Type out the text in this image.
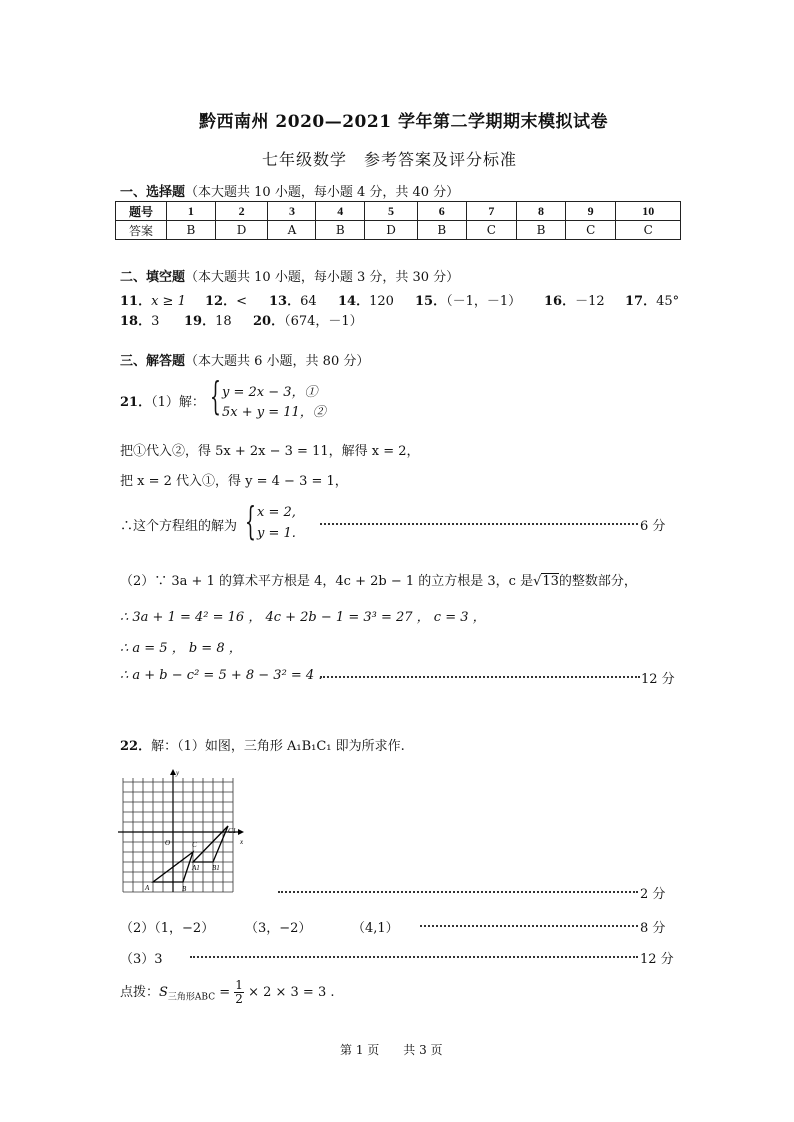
黔西南州 2020—2021 学年第二学期期末模拟试卷
七年级数学　参考答案及评分标准
一、选择题（本大题共 10 小题，每小题 4 分，共 40 分）
题号	1	2	3	4	5	6	7	8	9	10
答案	B	D	A	B	D	B	C	B	C	C
二、填空题（本大题共 10 小题，每小题 3 分，共 30 分）
11．x ≥ 1 12．< 13．64 14．120 15．（－1，－1） 16．－12 17．45°
18．3 19．18 20．（674，－1）
三、解答题（本大题共 6 小题，共 80 分）
21．（1）解： { y = 2x − 3，①
5x + y = 11，②
把①代入②，得 5x + 2x − 3 = 11，解得 x = 2，
把 x = 2 代入①，得 y = 4 − 3 = 1，
∴这个方程组的解为 { x = 2,
y = 1.	6 分
（2）∵ 3a + 1 的算术平方根是 4，4c + 2b − 1 的立方根是 3，c 是√13的整数部分，
∴ 3a + 1 = 4² = 16 ， 4c + 2b − 1 = 3³ = 27 ， c = 3 ，
∴ a = 5 ， b = 8 ，
∴ a + b − c² = 5 + 8 − 3² = 4 .	12 分
22．解：（1）如图，三角形 A₁B₁C₁ 即为所求作.
y
x
O
A	B
C
A1 B1
C1
2 分
（2）（1，−2） （3，−2）	（4,1）	8 分
（3）3	12 分
点拨：$S_{三角形ABC} = \frac{1}{2} \times 2 \times 3 = 3$ .
第 1 页　　共 3 页
